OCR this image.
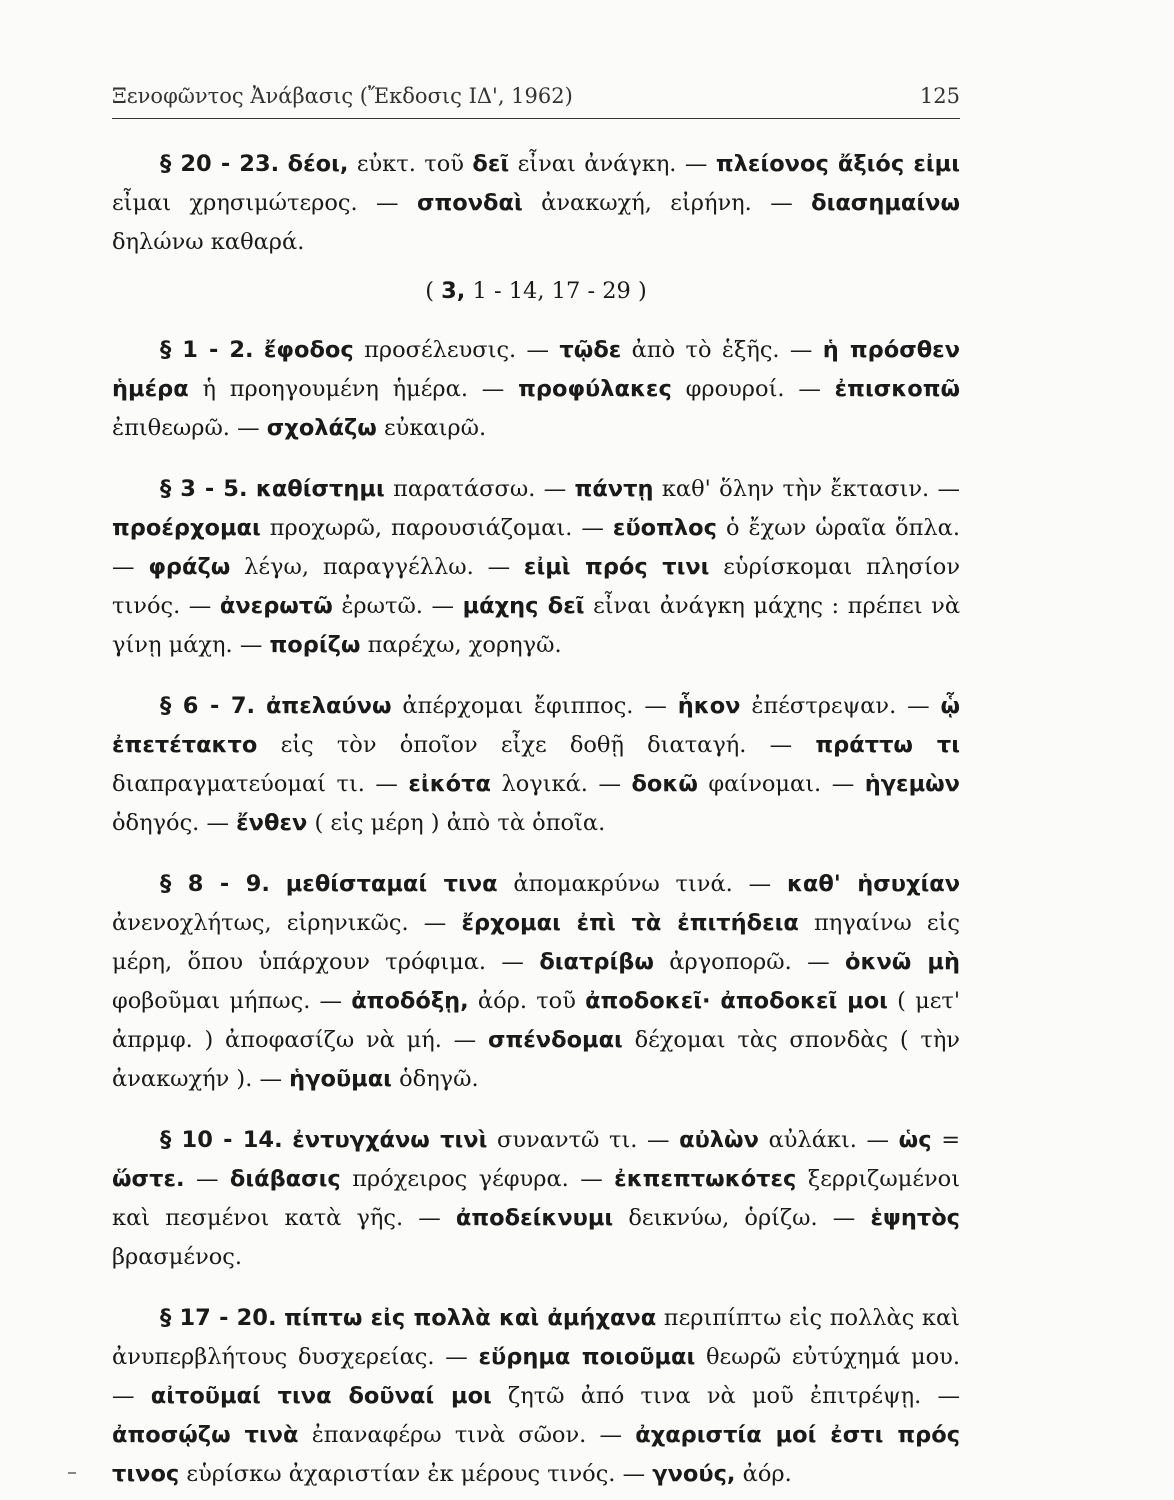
Ξενοφῶντος Ἀνάβασις (Ἔκδοσις ΙΔ', 1962)	125

§ 20 - 23. δέοι, εὐκτ. τοῦ δεῖ εἶναι ἀνάγκη. — πλείονος ἄξιός εἰμι εἶμαι χρησιμώτερος. — σπονδαὶ ἀνακωχή, εἰρήνη. — διασημαίνω δηλώνω καθαρά.

( 3, 1 - 14, 17 - 29 )

§ 1 - 2. ἔφοδος προσέλευσις. — τῷδε ἀπὸ τὸ ἑξῆς. — ἡ πρόσθεν ἡμέρα ἡ προηγουμένη ἡμέρα. — προφύλακες φρουροί. — ἐπισκοπῶ ἐπιθεωρῶ. — σχολάζω εὐκαιρῶ.

§ 3 - 5. καθίστημι παρατάσσω. — πάντῃ καθ' ὅλην τὴν ἔκτασιν. — προέρχομαι προχωρῶ, παρουσιάζομαι. — εὔοπλος ὁ ἔχων ὡραῖα ὅπλα. — φράζω λέγω, παραγγέλλω. — εἰμὶ πρός τινι εὑρίσκομαι πλησίον τινός. — ἀνερωτῶ ἐρωτῶ. — μάχης δεῖ εἶναι ἀνάγκη μάχης : πρέπει νὰ γίνῃ μάχη. — πορίζω παρέχω, χορηγῶ.

§ 6 - 7. ἀπελαύνω ἀπέρχομαι ἔφιππος. — ἧκον ἐπέστρεψαν. — ᾧ ἐπετέτακτο εἰς τὸν ὁποῖον εἶχε δοθῇ διαταγή. — πράττω τι διαπραγματεύομαί τι. — εἰκότα λογικά. — δοκῶ φαίνομαι. — ἡγεμὼν ὁδηγός. — ἔνθεν ( εἰς μέρη ) ἀπὸ τὰ ὁποῖα.

§ 8 - 9. μεθίσταμαί τινα ἀπομακρύνω τινά. — καθ' ἡσυχίαν ἀνενοχλήτως, εἰρηνικῶς. — ἔρχομαι ἐπὶ τὰ ἐπιτήδεια πηγαίνω εἰς μέρη, ὅπου ὑπάρχουν τρόφιμα. — διατρίβω ἀργοπορῶ. — ὀκνῶ μὴ φοβοῦμαι μήπως. — ἀποδόξῃ, ἀόρ. τοῦ ἀποδοκεῖ· ἀποδοκεῖ μοι ( μετ' ἀπρμφ. ) ἀποφασίζω νὰ μή. — σπένδομαι δέχομαι τὰς σπονδὰς ( τὴν ἀνακωχήν ). — ἡγοῦμαι ὁδηγῶ.

§ 10 - 14. ἐντυγχάνω τινὶ συναντῶ τι. — αὐλὼν αὐλάκι. — ὡς = ὥστε. — διάβασις πρόχειρος γέφυρα. — ἐκπεπτωκότες ξερριζωμένοι καὶ πεσμένοι κατὰ γῆς. — ἀποδείκνυμι δεικνύω, ὁρίζω. — ἑψητὸς βρασμένος.

§ 17 - 20. πίπτω εἰς πολλὰ καὶ ἀμήχανα περιπίπτω εἰς πολλὰς καὶ ἀνυπερβλήτους δυσχερείας. — εὕρημα ποιοῦμαι θεωρῶ εὐτύχημά μου. — αἰτοῦμαί τινα δοῦναί μοι ζητῶ ἀπό τινα νὰ μοῦ ἐπιτρέψῃ. — ἀποσῴζω τινὰ ἐπαναφέρω τινὰ σῶον. — ἀχαριστία μοί ἐστι πρός τινος εὑρίσκω ἀχαριστίαν ἐκ μέρους τινός. — γνούς, ἀόρ.
